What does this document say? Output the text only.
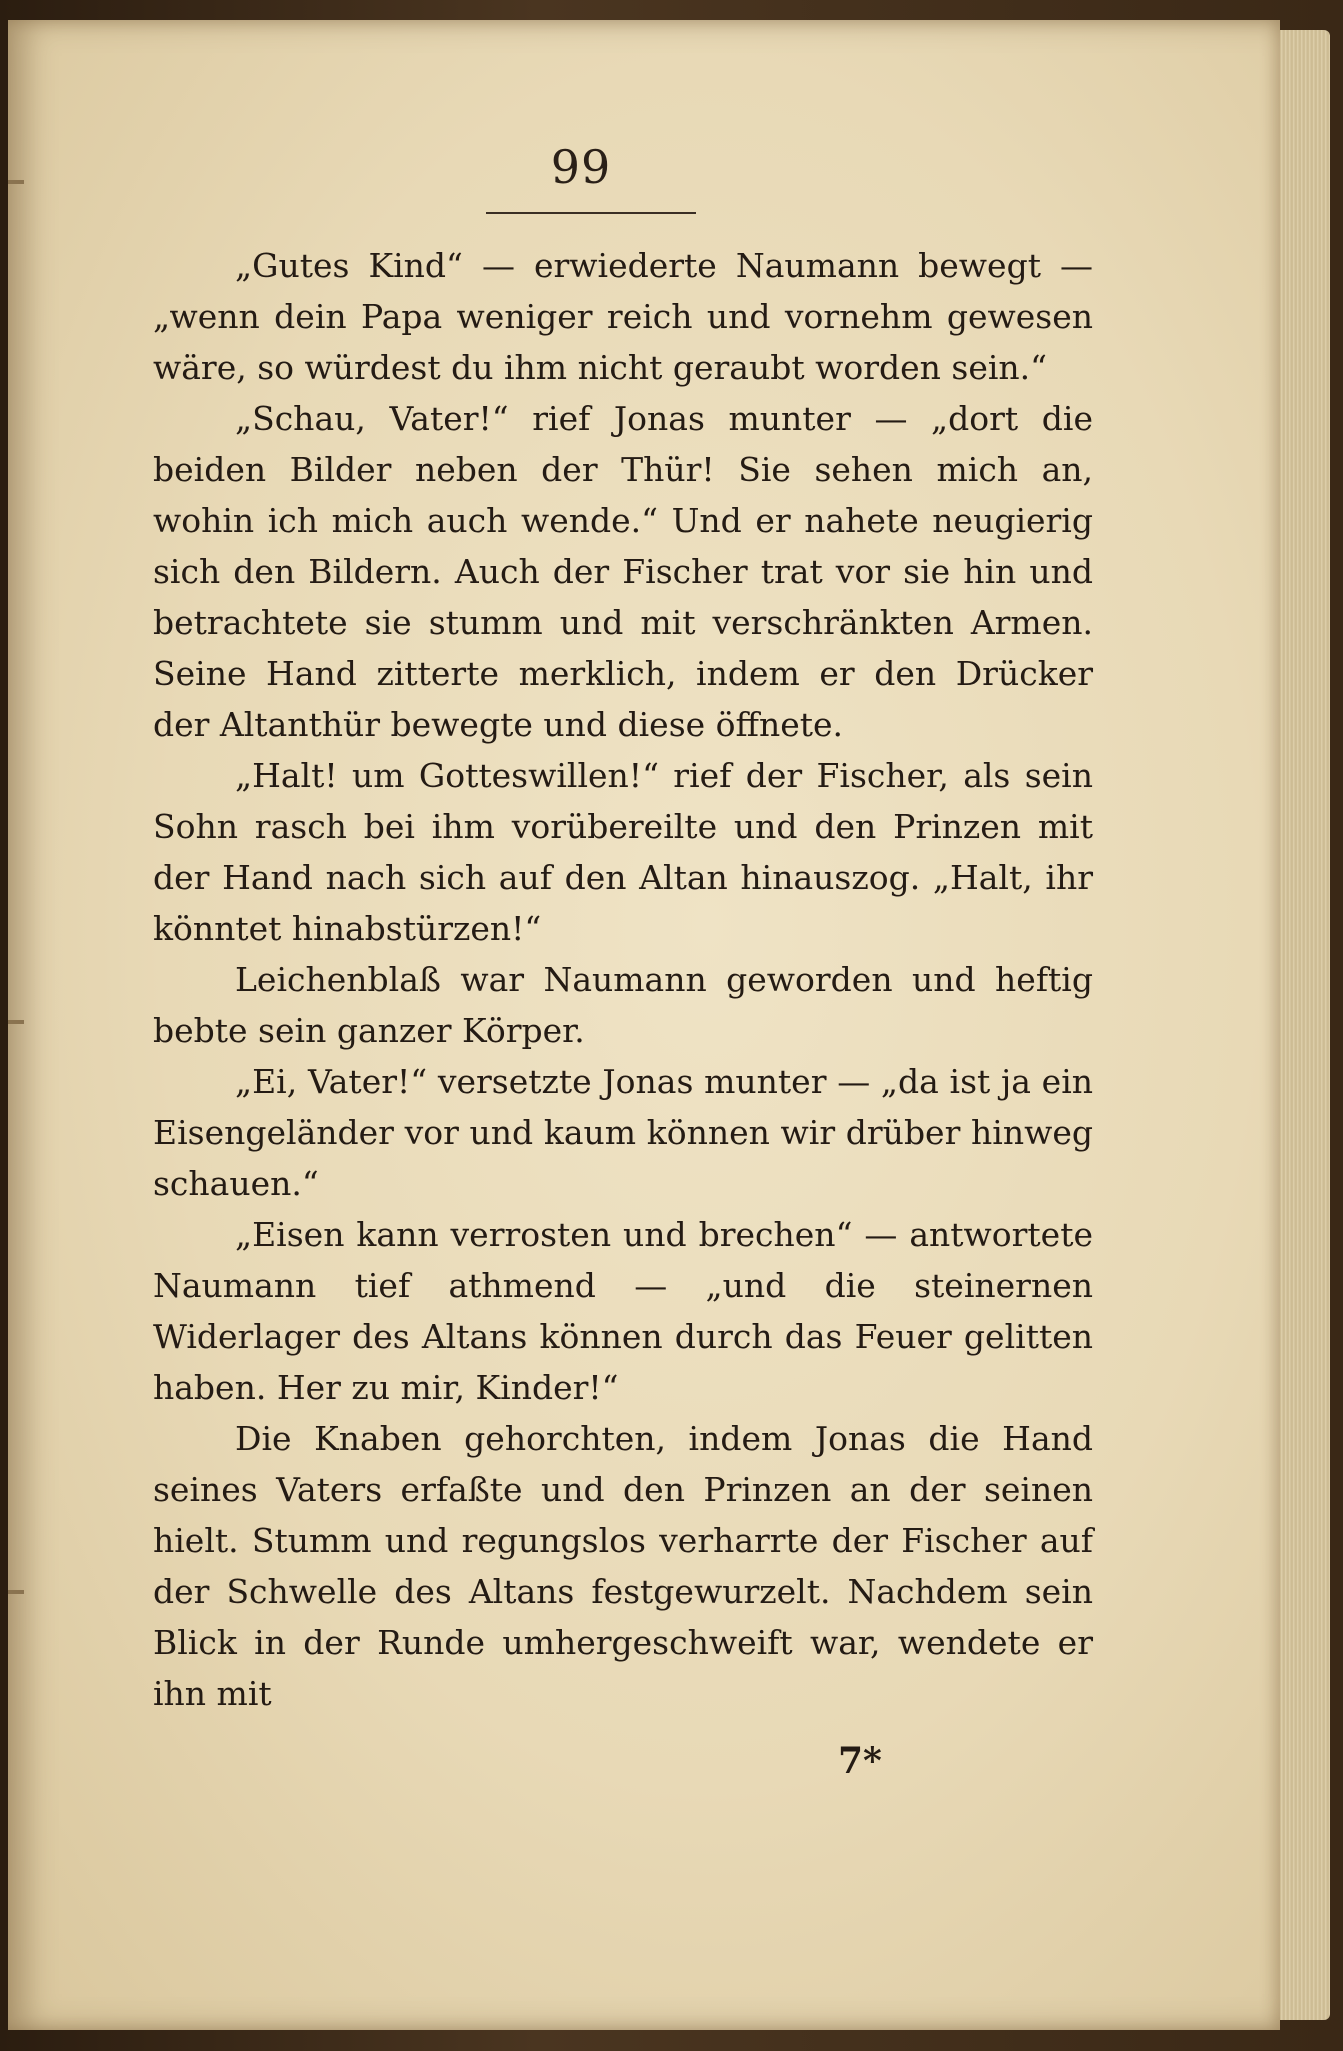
99

„Gutes Kind“ — erwiederte Naumann bewegt — „wenn dein Papa weniger reich und vornehm gewesen wäre, so würdest du ihm nicht geraubt worden sein.“

„Schau, Vater!“ rief Jonas munter — „dort die beiden Bilder neben der Thür! Sie sehen mich an, wohin ich mich auch wende.“ Und er nahete neugierig sich den Bildern. Auch der Fischer trat vor sie hin und betrachtete sie stumm und mit verschränkten Armen. Seine Hand zitterte merklich, indem er den Drücker der Altanthür bewegte und diese öffnete.

„Halt! um Gotteswillen!“ rief der Fischer, als sein Sohn rasch bei ihm vorübereilte und den Prinzen mit der Hand nach sich auf den Altan hinauszog. „Halt, ihr könntet hinabstürzen!“

Leichenblaß war Naumann geworden und heftig bebte sein ganzer Körper.

„Ei, Vater!“ versetzte Jonas munter — „da ist ja ein Eisengeländer vor und kaum können wir drüber hinweg schauen.“

„Eisen kann verrosten und brechen“ — antwortete Naumann tief athmend — „und die steinernen Widerlager des Altans können durch das Feuer gelitten haben. Her zu mir, Kinder!“

Die Knaben gehorchten, indem Jonas die Hand seines Vaters erfaßte und den Prinzen an der seinen hielt. Stumm und regungslos verharrte der Fischer auf der Schwelle des Altans festgewurzelt. Nachdem sein Blick in der Runde umhergeschweift war, wendete er ihn mit

7*
